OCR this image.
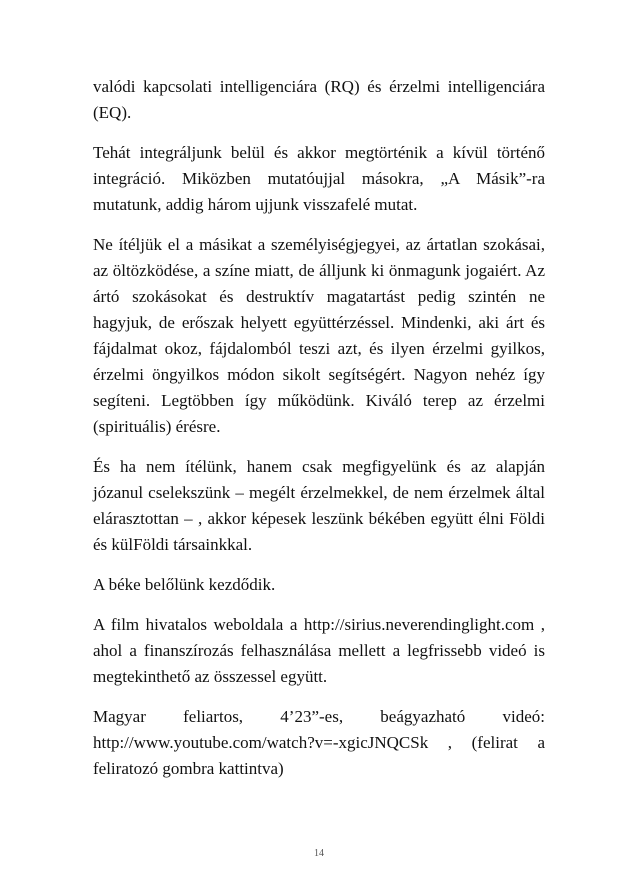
valódi kapcsolati intelligenciára (RQ) és érzelmi intelligenciára (EQ).

Tehát integráljunk belül és akkor megtörténik a kívül történő integráció. Miközben mutatóujjal másokra, „A Másik”-ra mutatunk, addig három ujjunk visszafelé mutat.

Ne ítéljük el a másikat a személyiségjegyei, az ártatlan szokásai, az öltözködése, a színe miatt, de álljunk ki önmagunk jogaiért. Az ártó szokásokat és destruktív magatartást pedig szintén ne hagyjuk, de erőszak helyett együttérzéssel. Mindenki, aki árt és fájdalmat okoz, fájdalomból teszi azt, és ilyen érzelmi gyilkos, érzelmi öngyilkos módon sikolt segítségért. Nagyon nehéz így segíteni. Legtöbben így működünk. Kiváló terep az érzelmi (spirituális) érésre.

És ha nem ítélünk, hanem csak megfigyelünk és az alapján józanul cselekszünk – megélt érzelmekkel, de nem érzelmek által elárasztottan – , akkor képesek leszünk békében együtt élni Földi és külFöldi társainkkal.

A béke belőlünk kezdődik.

A film hivatalos weboldala a http://sirius.neverendinglight.com , ahol a finanszírozás felhasználása mellett a legfrissebb videó is megtekinthető az összessel együtt.

Magyar feliartos, 4’23”-es, beágyazható videó: http://www.youtube.com/watch?v=-xgicJNQCSk , (felirat a feliratozó gombra kattintva)

14
